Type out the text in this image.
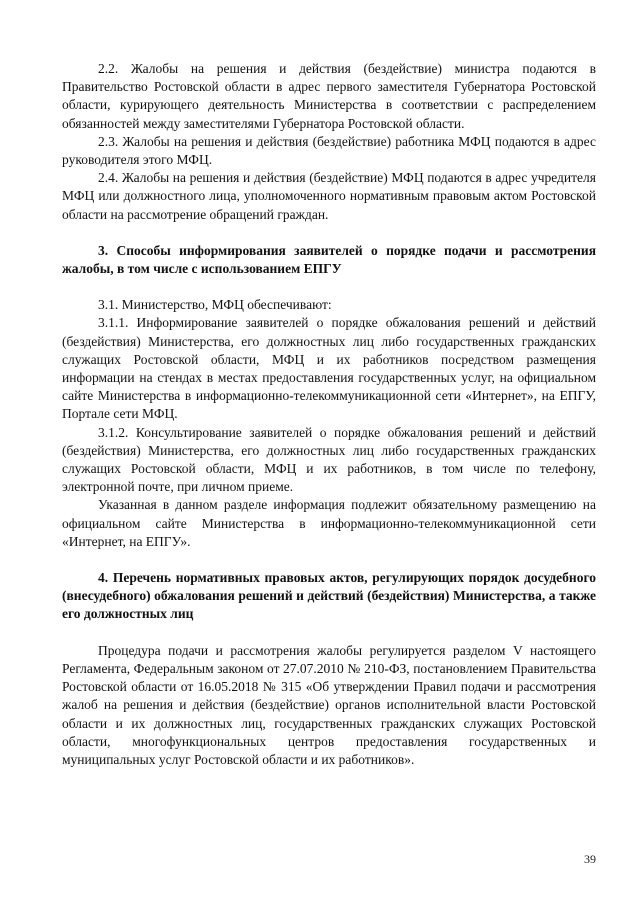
2.2. Жалобы на решения и действия (бездействие) министра подаются в Правительство Ростовской области в адрес первого заместителя Губернатора Ростовской области, курирующего деятельность Министерства в соответствии с распределением обязанностей между заместителями Губернатора Ростовской области.

2.3. Жалобы на решения и действия (бездействие) работника МФЦ подаются в адрес руководителя этого МФЦ.

2.4. Жалобы на решения и действия (бездействие) МФЦ подаются в адрес учредителя МФЦ или должностного лица, уполномоченного нормативным правовым актом Ростовской области на рассмотрение обращений граждан.

3. Способы информирования заявителей о порядке подачи и рассмотрения жалобы, в том числе с использованием ЕПГУ

3.1. Министерство, МФЦ обеспечивают:

3.1.1. Информирование заявителей о порядке обжалования решений и действий (бездействия) Министерства, его должностных лиц либо государственных гражданских служащих Ростовской области, МФЦ и их работников посредством размещения информации на стендах в местах предоставления государственных услуг, на официальном сайте Министерства в информационно-телекоммуникационной сети «Интернет», на ЕПГУ, Портале сети МФЦ.

3.1.2. Консультирование заявителей о порядке обжалования решений и действий (бездействия) Министерства, его должностных лиц либо государственных гражданских служащих Ростовской области, МФЦ и их работников, в том числе по телефону, электронной почте, при личном приеме.

Указанная в данном разделе информация подлежит обязательному размещению на официальном сайте Министерства в информационно-телекоммуникационной сети «Интернет, на ЕПГУ».

4. Перечень нормативных правовых актов, регулирующих порядок досудебного (внесудебного) обжалования решений и действий (бездействия) Министерства, а также его должностных лиц

Процедура подачи и рассмотрения жалобы регулируется разделом V настоящего Регламента, Федеральным законом от 27.07.2010 № 210-ФЗ, постановлением Правительства Ростовской области от 16.05.2018 № 315 «Об утверждении Правил подачи и рассмотрения жалоб на решения и действия (бездействие) органов исполнительной власти Ростовской области и их должностных лиц, государственных гражданских служащих Ростовской области, многофункциональных центров предоставления государственных и муниципальных услуг Ростовской области и их работников».

39
